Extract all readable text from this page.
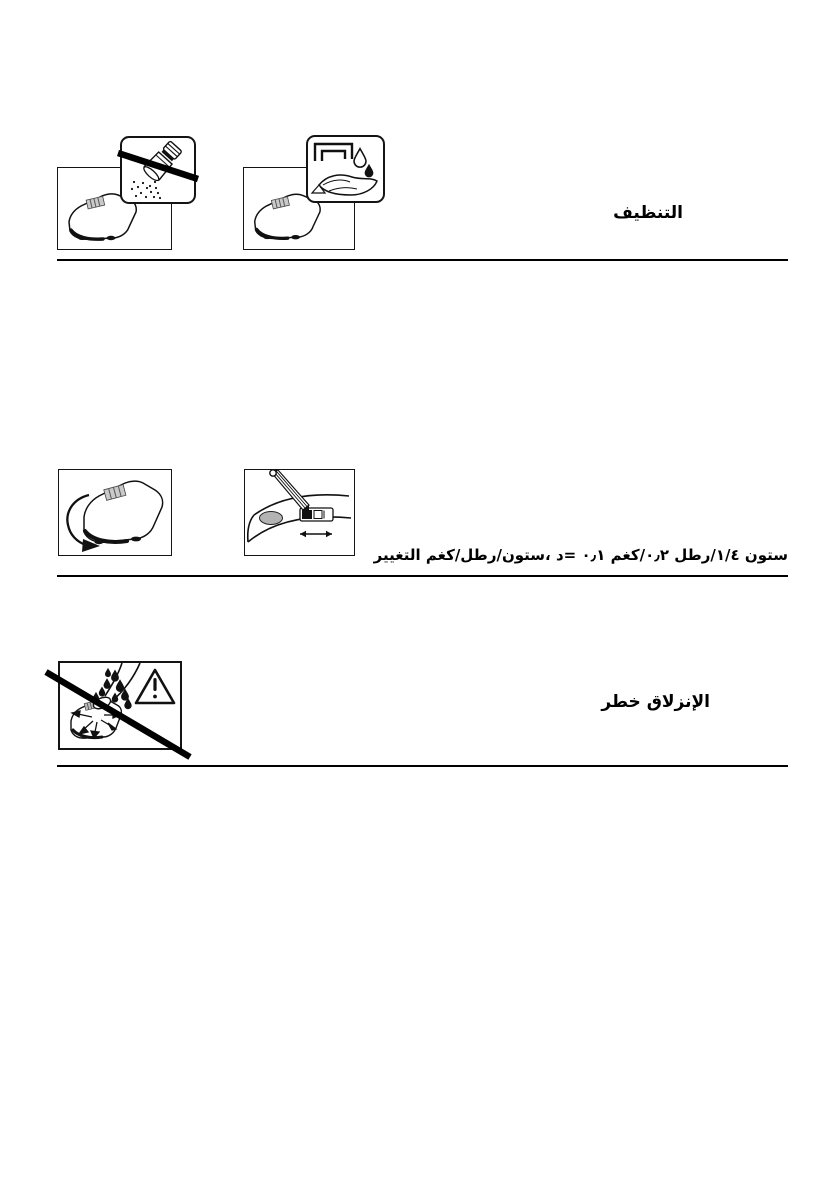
التنظيف
التغيير كغم/رطل/ستون، د= ٠٫١ كغم/٠٫٢ رطل/١/٤ ستون
خطر الإنزلاق
